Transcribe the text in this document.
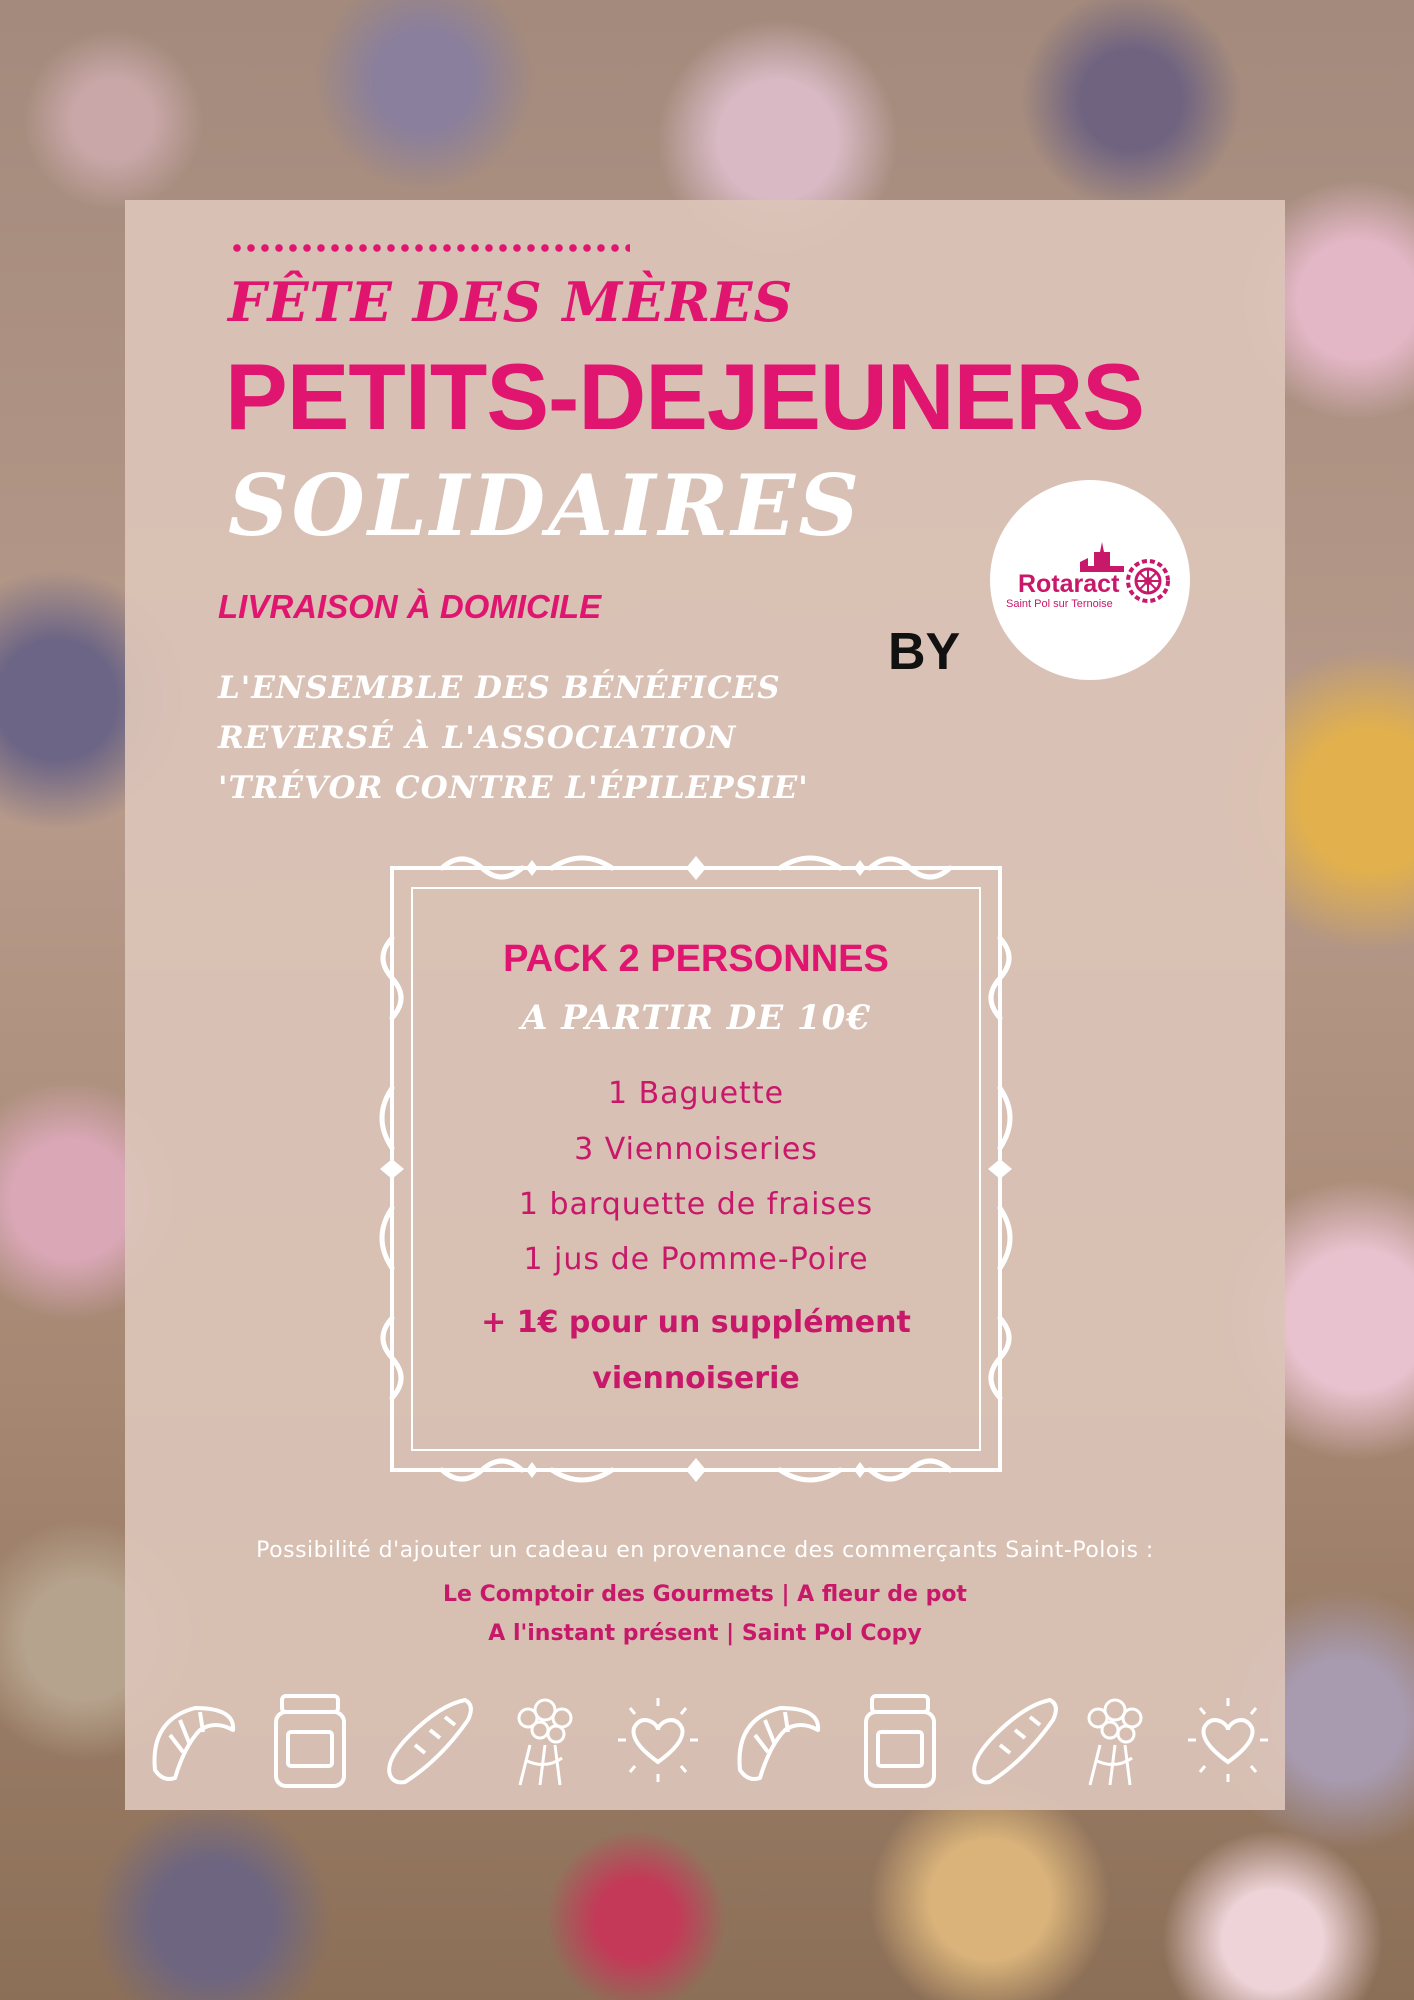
FÊTE DES MÈRES
PETITS-DEJEUNERS
SOLIDAIRES
LIVRAISON À DOMICILE
L'ENSEMBLE DES BÉNÉFICES
REVERSÉ À L'ASSOCIATION
'TRÉVOR CONTRE L'ÉPILEPSIE'
BY
Rotaract
Saint Pol sur Ternoise
PACK 2 PERSONNES
A PARTIR DE 10€
1 Baguette
3 Viennoiseries
1 barquette de fraises
1 jus de Pomme-Poire
+ 1€ pour un supplément
viennoiserie
Possibilité d'ajouter un cadeau en provenance des commerçants Saint-Polois :
Le Comptoir des Gourmets | A fleur de pot
A l'instant présent | Saint Pol Copy
